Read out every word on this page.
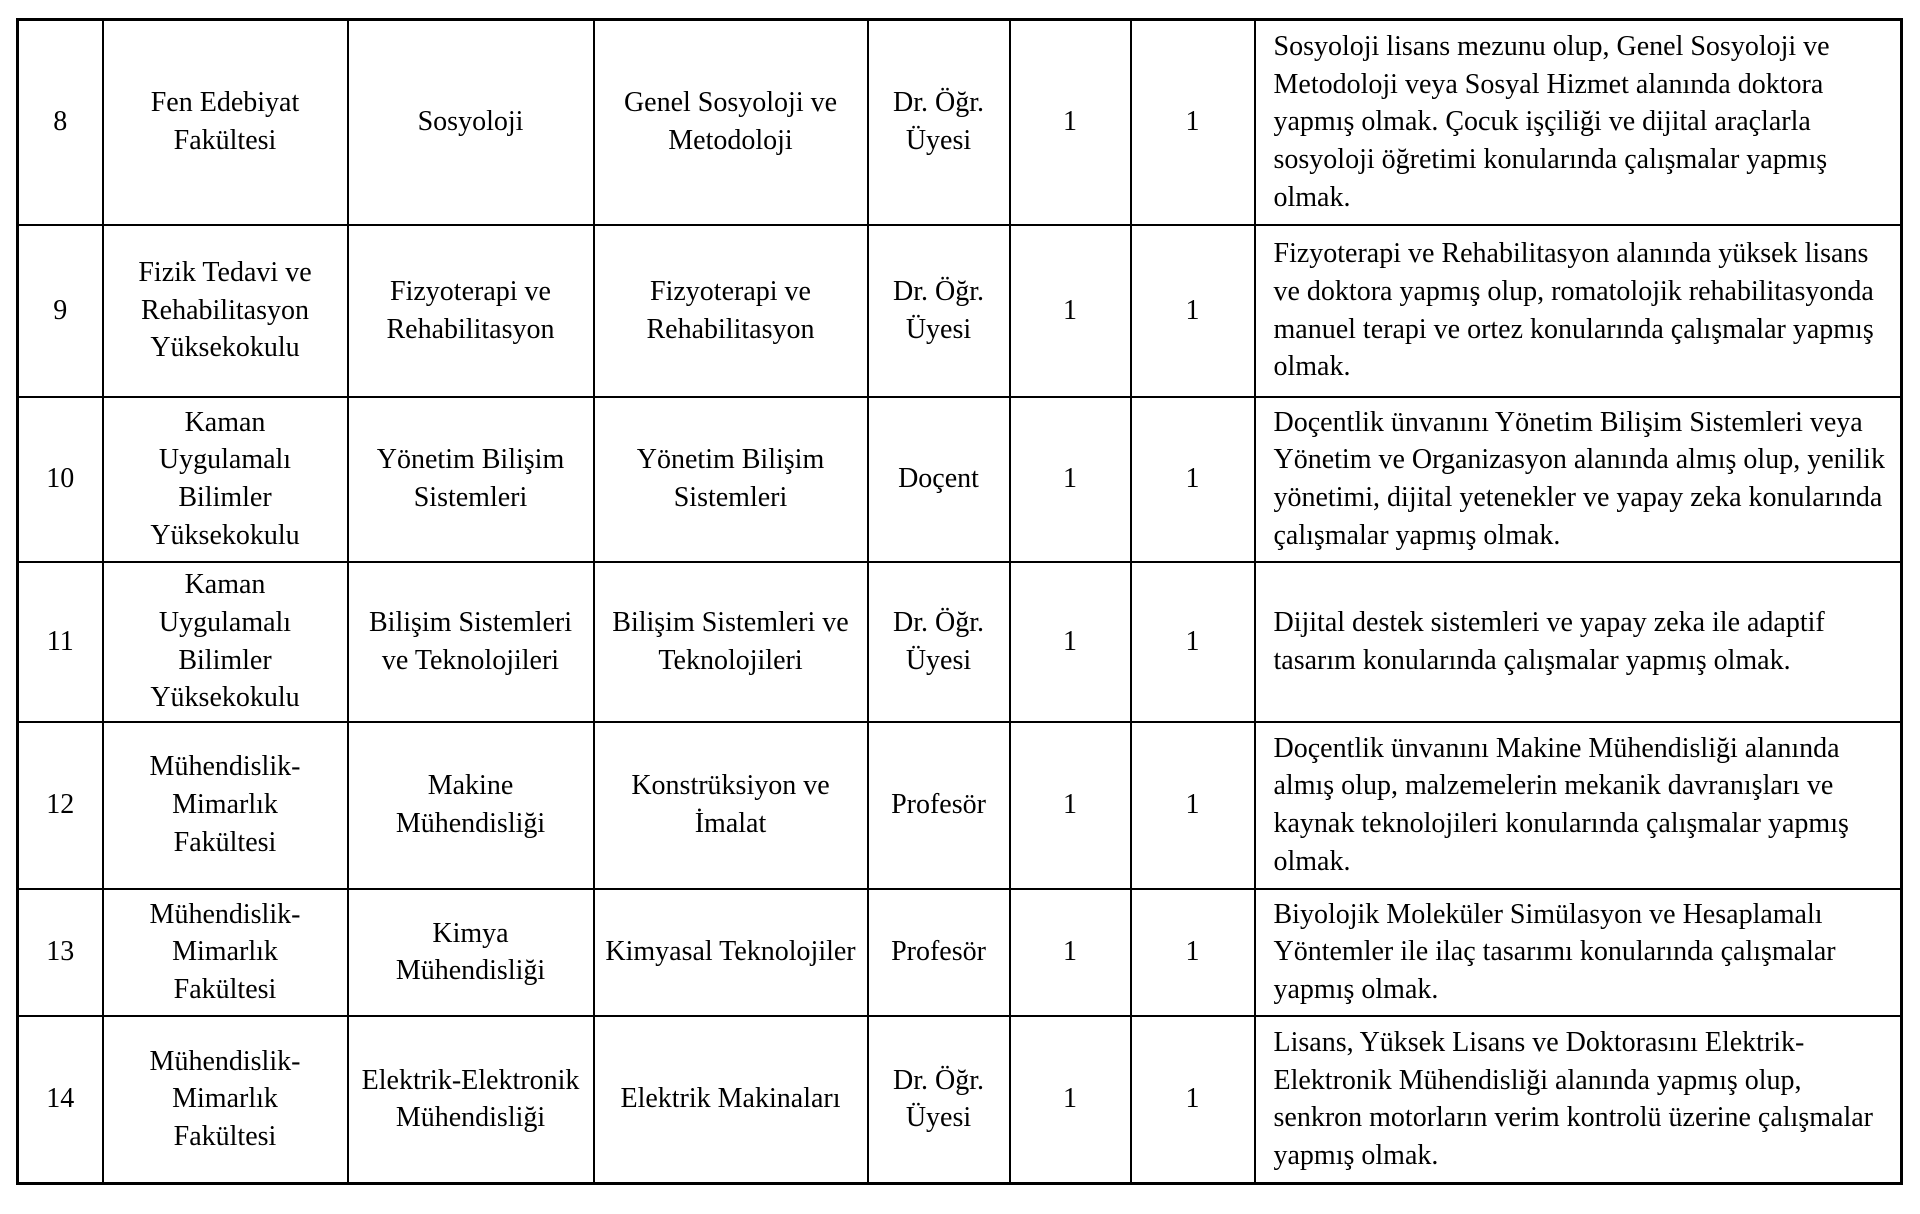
8	Fen Edebiyat Fakültesi	Sosyoloji	Genel Sosyoloji ve Metodoloji	Dr. Öğr. Üyesi	1	1	Sosyoloji lisans mezunu olup, Genel Sosyoloji ve Metodoloji veya Sosyal Hizmet alanında doktora yapmış olmak. Çocuk işçiliği ve dijital araçlarla sosyoloji öğretimi konularında çalışmalar yapmış olmak.
9	Fizik Tedavi ve Rehabilitasyon Yüksekokulu	Fizyoterapi ve Rehabilitasyon	Fizyoterapi ve Rehabilitasyon	Dr. Öğr. Üyesi	1	1	Fizyoterapi ve Rehabilitasyon alanında yüksek lisans ve doktora yapmış olup, romatolojik rehabilitasyonda manuel terapi ve ortez konularında çalışmalar yapmış olmak.
10	Kaman Uygulamalı Bilimler Yüksekokulu	Yönetim Bilişim Sistemleri	Yönetim Bilişim Sistemleri	Doçent	1	1	Doçentlik ünvanını Yönetim Bilişim Sistemleri veya Yönetim ve Organizasyon alanında almış olup, yenilik yönetimi, dijital yetenekler ve yapay zeka konularında çalışmalar yapmış olmak.
11	Kaman Uygulamalı Bilimler Yüksekokulu	Bilişim Sistemleri ve Teknolojileri	Bilişim Sistemleri ve Teknolojileri	Dr. Öğr. Üyesi	1	1	Dijital destek sistemleri ve yapay zeka ile adaptif tasarım konularında çalışmalar yapmış olmak.
12	Mühendislik-Mimarlık Fakültesi	Makine Mühendisliği	Konstrüksiyon ve İmalat	Profesör	1	1	Doçentlik ünvanını Makine Mühendisliği alanında almış olup, malzemelerin mekanik davranışları ve kaynak teknolojileri konularında çalışmalar yapmış olmak.
13	Mühendislik-Mimarlık Fakültesi	Kimya Mühendisliği	Kimyasal Teknolojiler	Profesör	1	1	Biyolojik Moleküler Simülasyon ve Hesaplamalı Yöntemler ile ilaç tasarımı konularında çalışmalar yapmış olmak.
14	Mühendislik-Mimarlık Fakültesi	Elektrik-Elektronik Mühendisliği	Elektrik Makinaları	Dr. Öğr. Üyesi	1	1	Lisans, Yüksek Lisans ve Doktorasını Elektrik-Elektronik Mühendisliği alanında yapmış olup, senkron motorların verim kontrolü üzerine çalışmalar yapmış olmak.
